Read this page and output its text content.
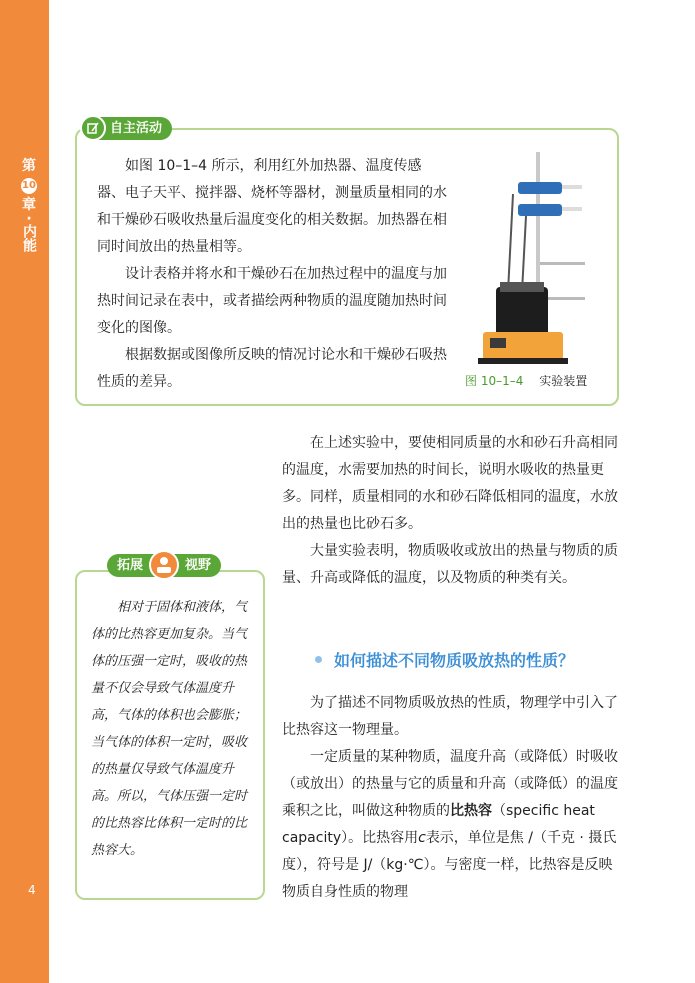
第
10
章
·
内能
4
自主活动

如图 10–1–4 所示，利用红外加热器、温度传感器、电子天平、搅拌器、烧杯等器材，测量质量相同的水和干燥砂石吸收热量后温度变化的相关数据。加热器在相同时间放出的热量相等。

设计表格并将水和干燥砂石在加热过程中的温度与加热时间记录在表中，或者描绘两种物质的温度随加热时间变化的图像。

根据数据或图像所反映的情况讨论水和干燥砂石吸热性质的差异。	图 10–1–4 实验装置

在上述实验中，要使相同质量的水和砂石升高相同的温度，水需要加热的时间长，说明水吸收的热量更多。同样，质量相同的水和砂石降低相同的温度，水放出的热量也比砂石多。

大量实验表明，物质吸收或放出的热量与物质的质量、升高或降低的温度，以及物质的种类有关。

如何描述不同物质吸放热的性质？

为了描述不同物质吸放热的性质，物理学中引入了比热容这一物理量。

一定质量的某种物质，温度升高（或降低）时吸收（或放出）的热量与它的质量和升高（或降低）的温度乘积之比，叫做这种物质的比热容（specific heat capacity）。比热容用c表示，单位是焦 /（千克 · 摄氏度），符号是 J/（kg·℃）。与密度一样，比热容是反映物质自身性质的物理

拓展	视野

相对于固体和液体，气体的比热容更加复杂。当气体的压强一定时，吸收的热量不仅会导致气体温度升高，气体的体积也会膨胀；当气体的体积一定时，吸收的热量仅导致气体温度升高。所以，气体压强一定时的比热容比体积一定时的比热容大。
